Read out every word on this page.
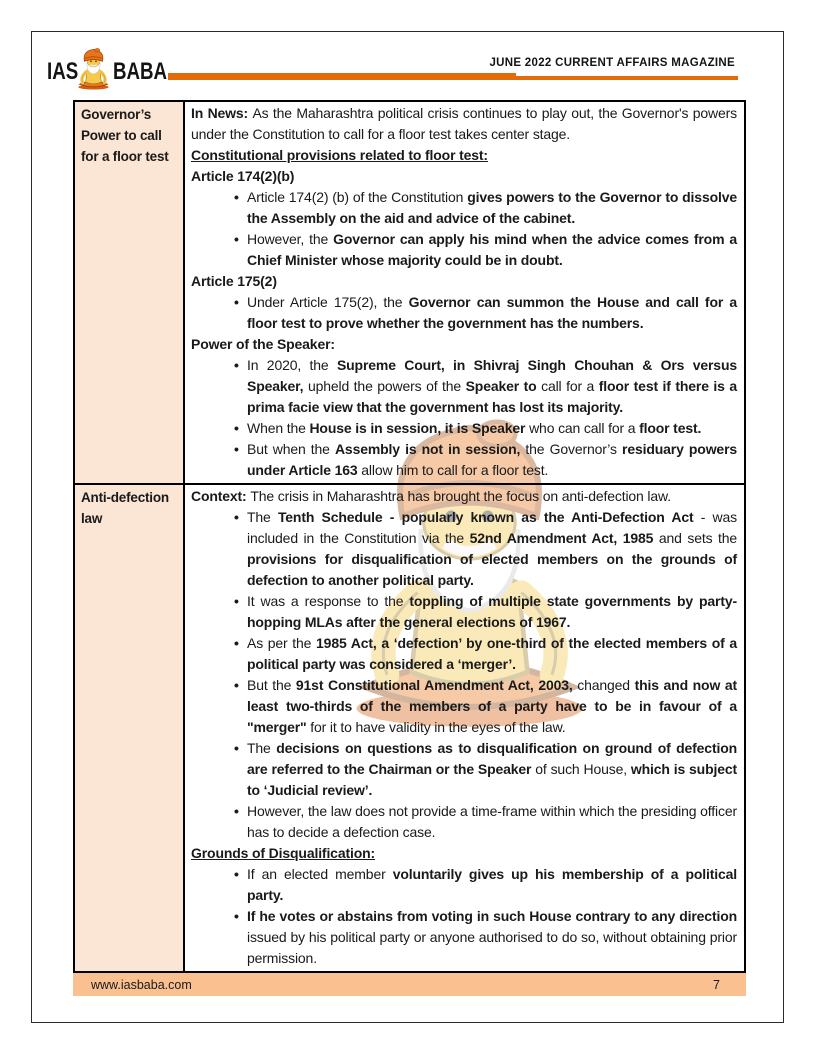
IAS BABA	JUNE 2022 CURRENT AFFAIRS MAGAZINE
Governor’s Power to call for a floor test
In News: As the Maharashtra political crisis continues to play out, the Governor's powers under the Constitution to call for a floor test takes center stage.
Constitutional provisions related to floor test:
Article 174(2)(b)
• Article 174(2) (b) of the Constitution gives powers to the Governor to dissolve the Assembly on the aid and advice of the cabinet.
• However, the Governor can apply his mind when the advice comes from a Chief Minister whose majority could be in doubt.
Article 175(2)
• Under Article 175(2), the Governor can summon the House and call for a floor test to prove whether the government has the numbers.
Power of the Speaker:
• In 2020, the Supreme Court, in Shivraj Singh Chouhan & Ors versus Speaker, upheld the powers of the Speaker to call for a floor test if there is a prima facie view that the government has lost its majority.
• When the House is in session, it is Speaker who can call for a floor test.
• But when the Assembly is not in session, the Governor’s residuary powers under Article 163 allow him to call for a floor test.
Anti-defection law
Context: The crisis in Maharashtra has brought the focus on anti-defection law.
• The Tenth Schedule - popularly known as the Anti-Defection Act - was included in the Constitution via the 52nd Amendment Act, 1985 and sets the provisions for disqualification of elected members on the grounds of defection to another political party.
• It was a response to the toppling of multiple state governments by party-hopping MLAs after the general elections of 1967.
• As per the 1985 Act, a ‘defection’ by one-third of the elected members of a political party was considered a ‘merger’.
• But the 91st Constitutional Amendment Act, 2003, changed this and now at least two-thirds of the members of a party have to be in favour of a "merger" for it to have validity in the eyes of the law.
• The decisions on questions as to disqualification on ground of defection are referred to the Chairman or the Speaker of such House, which is subject to ‘Judicial review’.
• However, the law does not provide a time-frame within which the presiding officer has to decide a defection case.
Grounds of Disqualification:
• If an elected member voluntarily gives up his membership of a political party.
• If he votes or abstains from voting in such House contrary to any direction issued by his political party or anyone authorised to do so, without obtaining prior permission.
www.iasbaba.com	7
